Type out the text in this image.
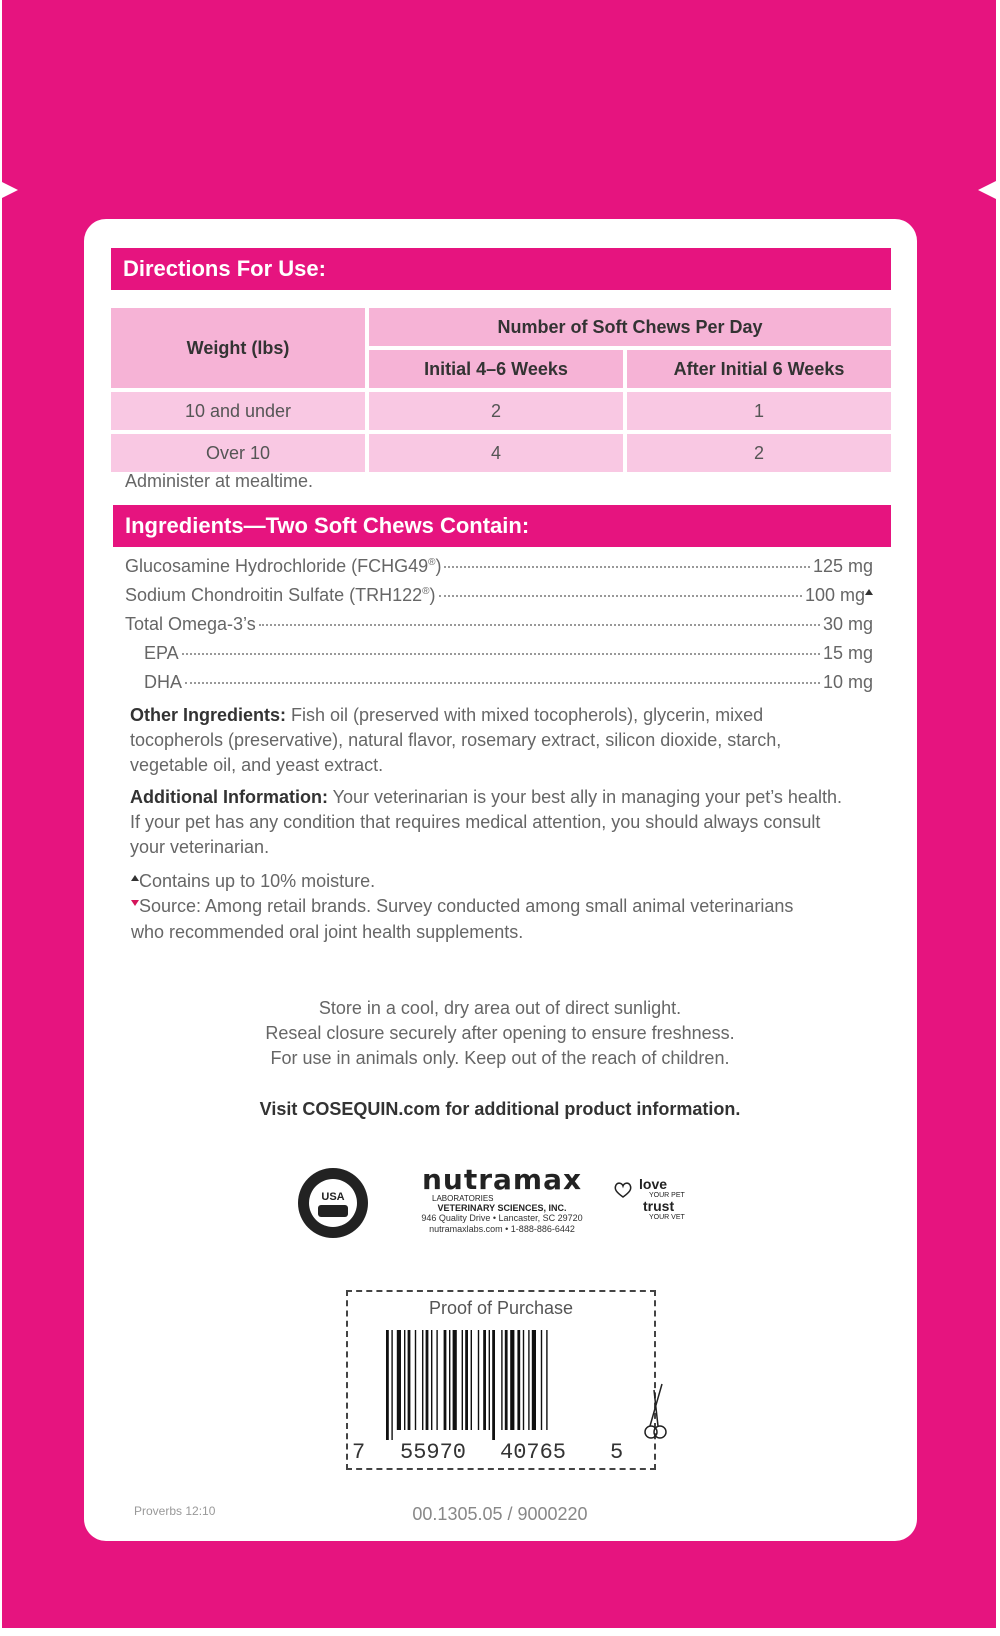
Directions For Use:
Weight (lbs)	Number of Soft Chews Per Day	
	Initial 4–6 Weeks	After Initial 6 Weeks
10 and under	2	1
Over 10	4	2
Administer at mealtime.
Ingredients—Two Soft Chews Contain:
Glucosamine Hydrochloride (FCHG49®)	125 mg
Sodium Chondroitin Sulfate (TRH122®)	100 mg
Total Omega-3’s	30 mg
EPA	15 mg
DHA	10 mg
Other Ingredients: Fish oil (preserved with mixed tocopherols), glycerin, mixed tocopherols (preservative), natural flavor, rosemary extract, silicon dioxide, starch, vegetable oil, and yeast extract.
Additional Information: Your veterinarian is your best ally in managing your pet’s health. If your pet has any condition that requires medical attention, you should always consult your veterinarian.
Contains up to 10% moisture.
Source: Among retail brands. Survey conducted among small animal veterinarians who recommended oral joint health supplements.
Store in a cool, dry area out of direct sunlight.
Reseal closure securely after opening to ensure freshness.
For use in animals only. Keep out of the reach of children.
Visit COSEQUIN.com for additional product information.
USA
nutramax
LABORATORIES
VETERINARY SCIENCES, INC.
946 Quality Drive • Lancaster, SC 29720
nutramaxlabs.com • 1-888-886-6442
love
YOUR PET
trust
YOUR VET
Proof of Purchase
7 55970 40765 5
Proverbs 12:10	00.1305.05 / 9000220
